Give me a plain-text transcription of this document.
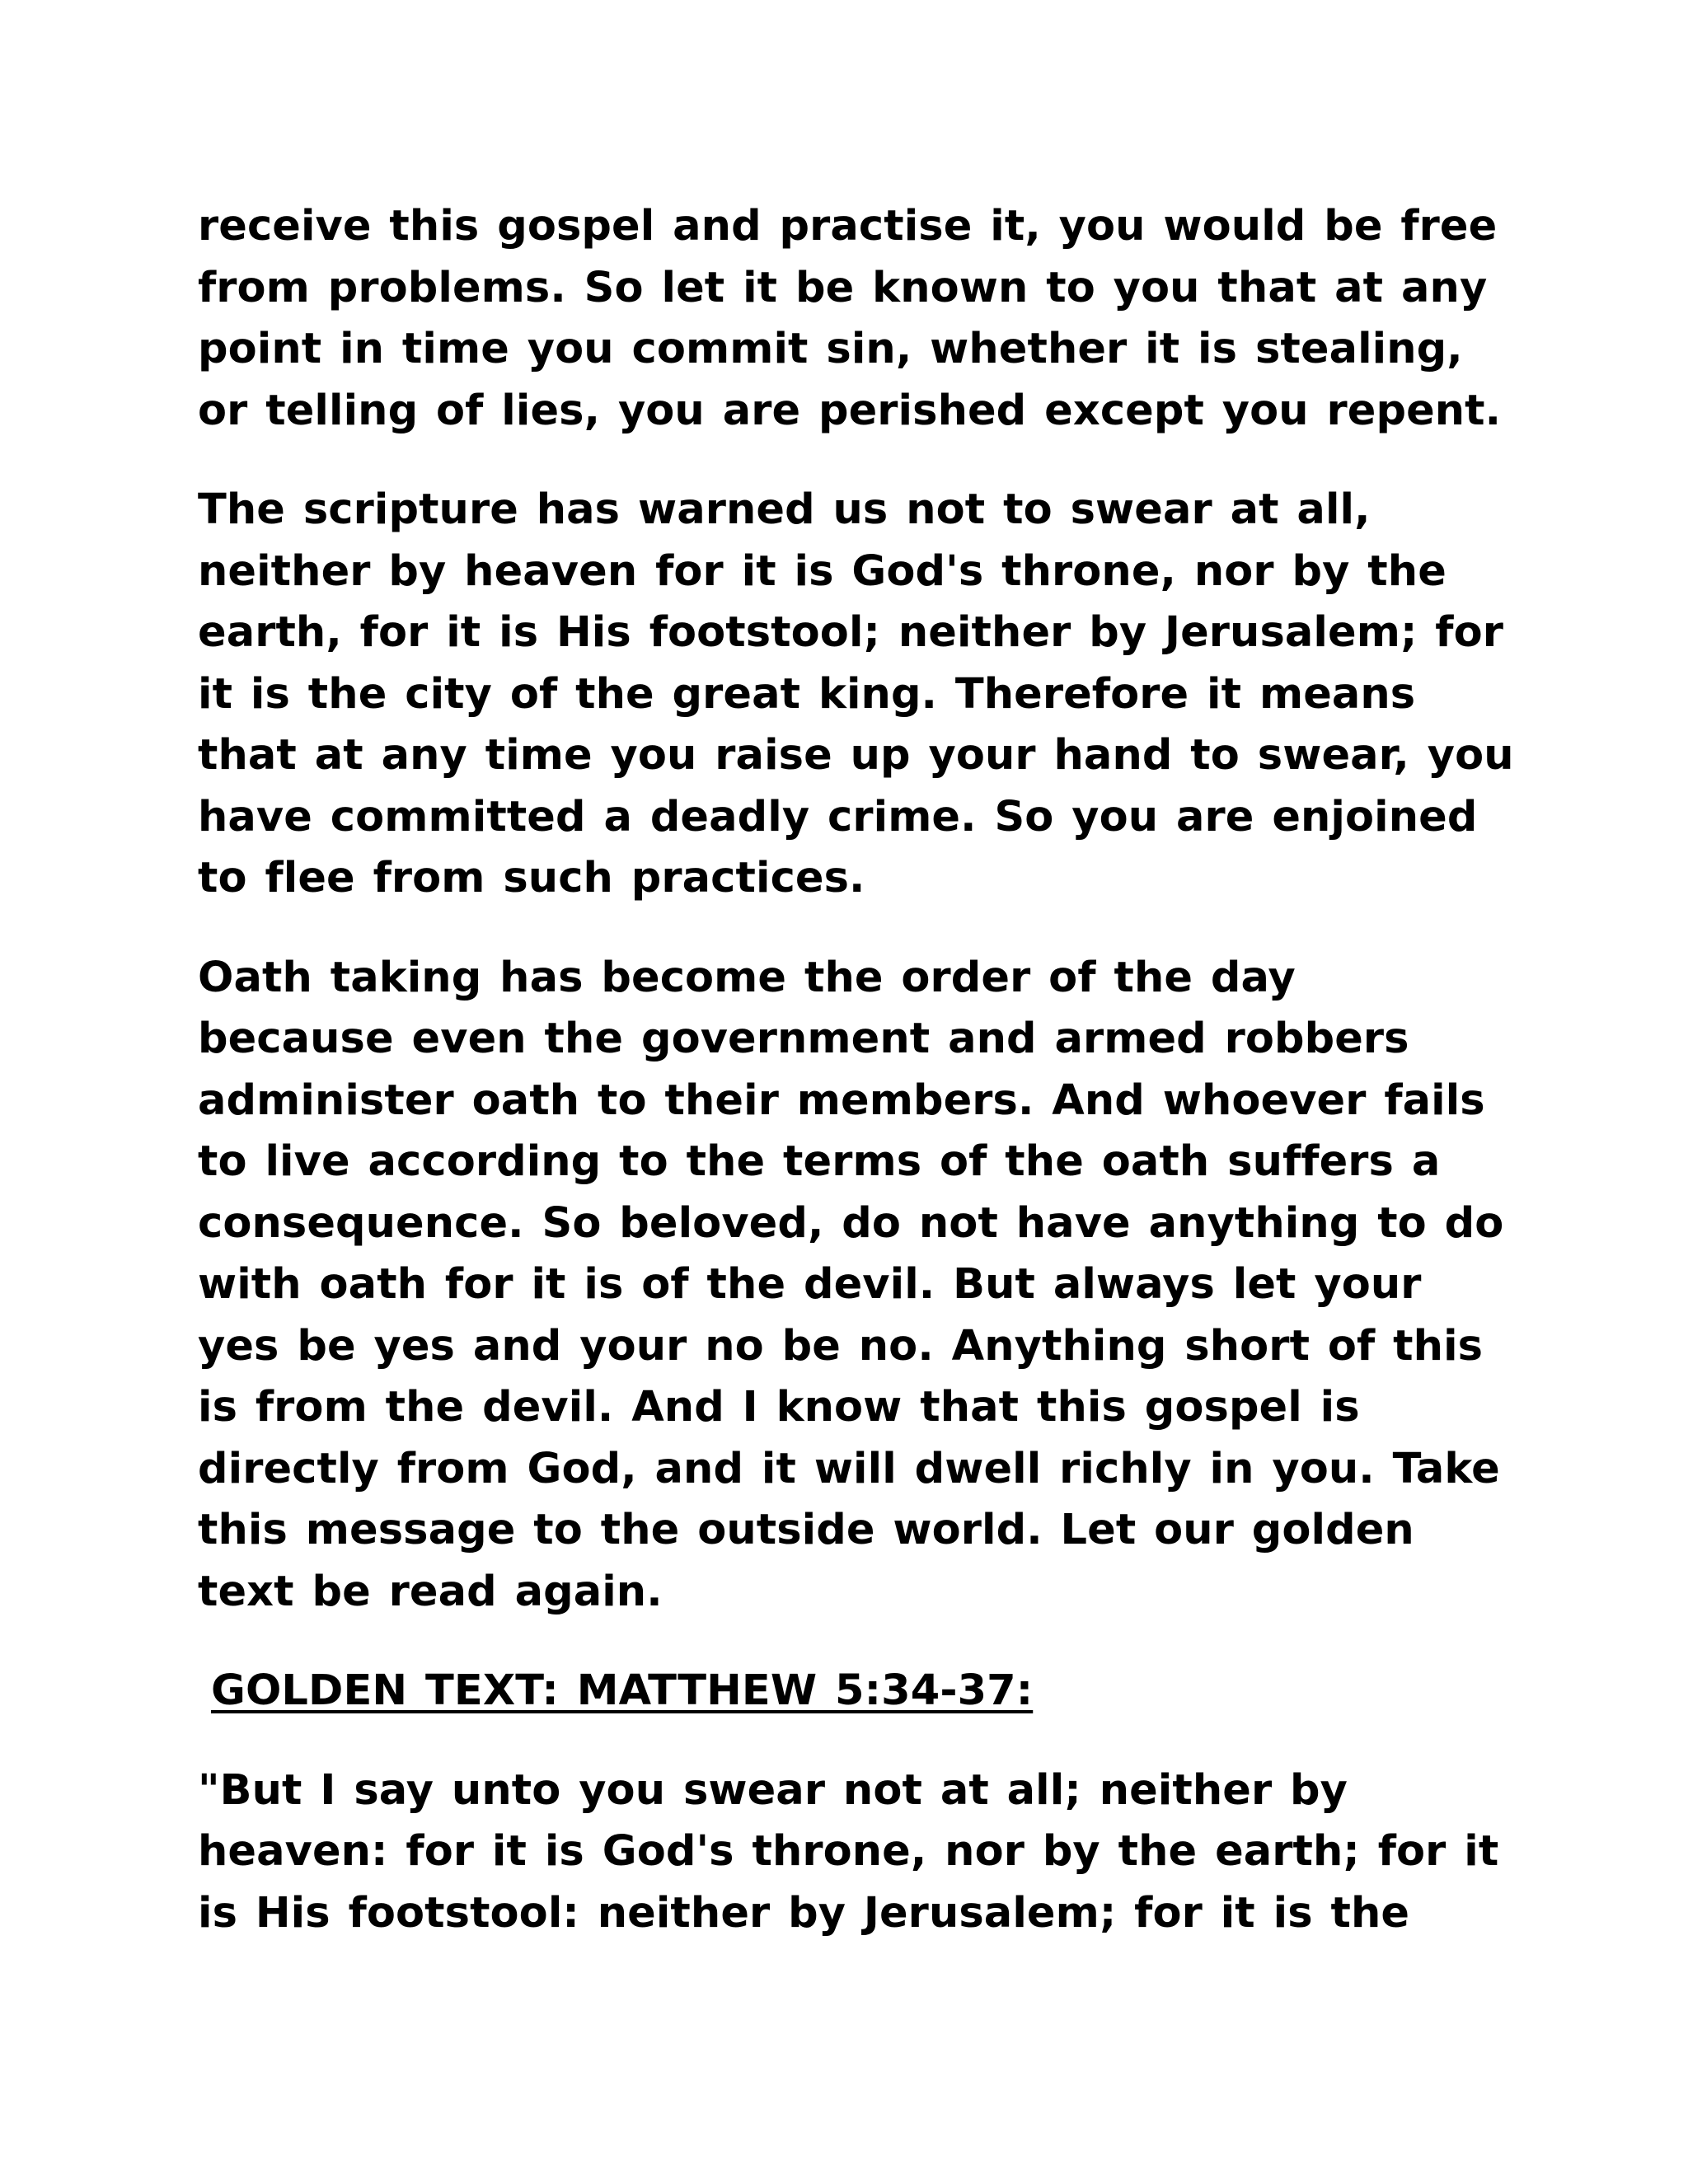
receive this gospel and practise it, you would be free
from problems. So let it be known to you that at any
point in time you commit sin, whether it is stealing,
or telling of lies, you are perished except you repent.

The scripture has warned us not to swear at all,
neither by heaven for it is God's throne, nor by the
earth, for it is His footstool; neither by Jerusalem; for
it is the city of the great king. Therefore it means
that at any time you raise up your hand to swear, you
have committed a deadly crime. So you are enjoined
to flee from such practices.

Oath taking has become the order of the day
because even the government and armed robbers
administer oath to their members. And whoever fails
to live according to the terms of the oath suffers a
consequence. So beloved, do not have anything to do
with oath for it is of the devil. But always let your
yes be yes and your no be no. Anything short of this
is from the devil. And I know that this gospel is
directly from God, and it will dwell richly in you. Take
this message to the outside world. Let our golden
text be read again.

GOLDEN TEXT: MATTHEW 5:34-37:

"But I say unto you swear not at all; neither by
heaven: for it is God's throne, nor by the earth; for it
is His footstool: neither by Jerusalem; for it is the
